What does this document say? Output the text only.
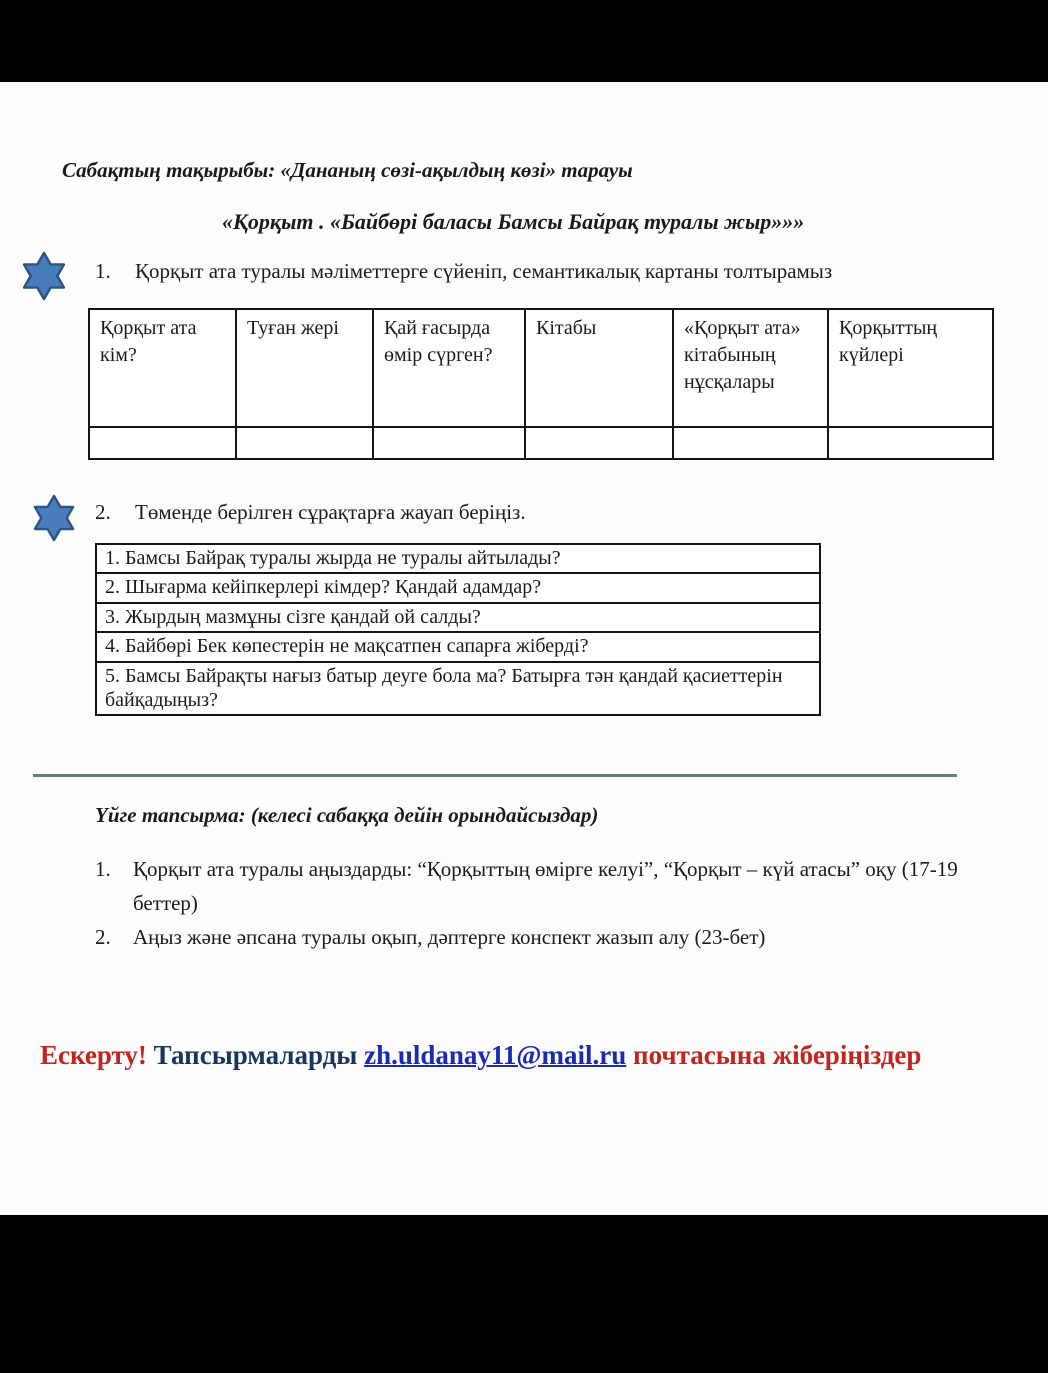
Сабақтың тақырыбы: «Дананың сөзі-ақылдың көзі» тарауы
«Қорқыт . «Байбөрі баласы Бамсы Байрақ туралы жыр»»»
1. Қорқыт ата туралы мәліметтерге сүйеніп, семантикалық картаны толтырамыз
Қорқыт ата кім?	Туған жері	Қай ғасырда өмір сүрген?	Кітабы	«Қорқыт ата» кітабының нұсқалары	Қорқыттың күйлері

2. Төменде берілген сұрақтарға жауап беріңіз.
1. Бамсы Байрақ туралы жырда не туралы айтылады?
2. Шығарма кейіпкерлері кімдер? Қандай адамдар?
3. Жырдың мазмұны сізге қандай ой салды?
4. Байбөрі Бек көпестерін не мақсатпен сапарға жіберді?
5. Бамсы Байрақты нағыз батыр деуге бола ма? Батырға тән қандай қасиеттерін байқадыңыз?
Үйге тапсырма: (келесі сабаққа дейін орындайсыздар)
1.	Қорқыт ата туралы аңыздарды: “Қорқыттың өмірге келуі”, “Қорқыт – күй атасы” оқу (17-19 беттер)
2.	Аңыз және әпсана туралы оқып, дәптерге конспект жазып алу (23-бет)
Ескерту! Тапсырмаларды zh.uldanay11@mail.ru почтасына жіберіңіздер
